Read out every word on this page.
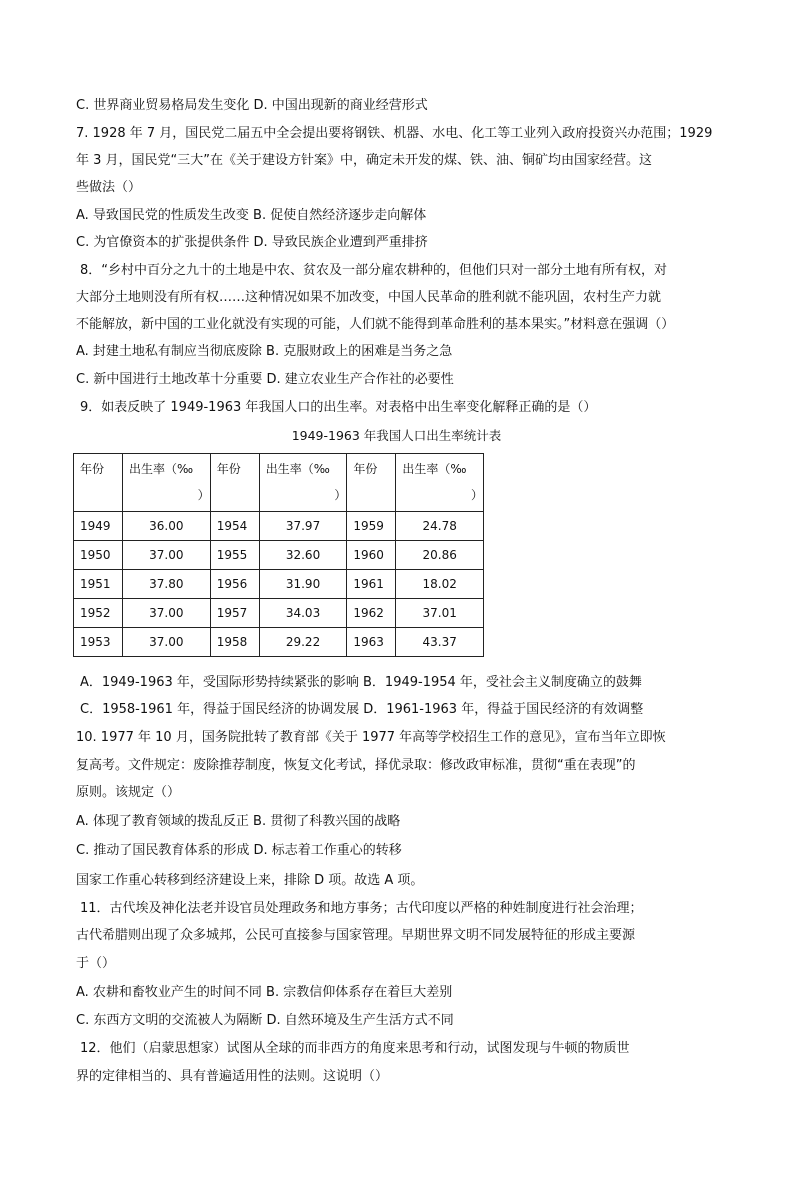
C. 世界商业贸易格局发生变化 D. 中国出现新的商业经营形式
7. 1928 年 7 月，国民党二届五中全会提出要将钢铁、机器、水电、化工等工业列入政府投资兴办范围；1929
年 3 月，国民党“三大”在《关于建设方针案》中，确定未开发的煤、铁、油、铜矿均由国家经营。这
些做法（）
A. 导致国民党的性质发生改变 B. 促使自然经济逐步走向解体
C. 为官僚资本的扩张提供条件 D. 导致民族企业遭到严重排挤
8．“乡村中百分之九十的土地是中农、贫农及一部分雇农耕种的，但他们只对一部分土地有所有权，对
大部分土地则没有所有权……这种情况如果不加改变，中国人民革命的胜利就不能巩固，农村生产力就
不能解放，新中国的工业化就没有实现的可能，人们就不能得到革命胜利的基本果实。”材料意在强调（）
A. 封建土地私有制应当彻底废除 B. 克服财政上的困难是当务之急
C. 新中国进行土地改革十分重要 D. 建立农业生产合作社的必要性
9．如表反映了 1949-1963 年我国人口的出生率。对表格中出生率变化解释正确的是（）
1949-1963 年我国人口出生率统计表
年份	出生率（‰
）	年份	出生率（‰
）	年份	出生率（‰
）
1949	36.00	1954	37.97	1959	24.78
1950	37.00	1955	32.60	1960	20.86
1951	37.80	1956	31.90	1961	18.02
1952	37.00	1957	34.03	1962	37.01
1953	37.00	1958	29.22	1963	43.37
A．1949-1963 年，受国际形势持续紧张的影响 B．1949-1954 年，受社会主义制度确立的鼓舞
C．1958-1961 年，得益于国民经济的协调发展 D．1961-1963 年，得益于国民经济的有效调整
10. 1977 年 10 月，国务院批转了教育部《关于 1977 年高等学校招生工作的意见》，宣布当年立即恢
复高考。文件规定：废除推荐制度，恢复文化考试，择优录取：修改政审标准，贯彻“重在表现”的
原则。该规定（）
A. 体现了教育领域的拨乱反正 B. 贯彻了科教兴国的战略
C. 推动了国民教育体系的形成 D. 标志着工作重心的转移
国家工作重心转移到经济建设上来，排除 D 项。故选 A 项。
11．古代埃及神化法老并设官员处理政务和地方事务；古代印度以严格的种姓制度进行社会治理；
古代希腊则出现了众多城邦，公民可直接参与国家管理。早期世界文明不同发展特征的形成主要源
于（）
A. 农耕和畜牧业产生的时间不同 B. 宗教信仰体系存在着巨大差别
C. 东西方文明的交流被人为隔断 D. 自然环境及生产生活方式不同
12．他们（启蒙思想家）试图从全球的而非西方的角度来思考和行动，试图发现与牛顿的物质世
界的定律相当的、具有普遍适用性的法则。这说明（）
